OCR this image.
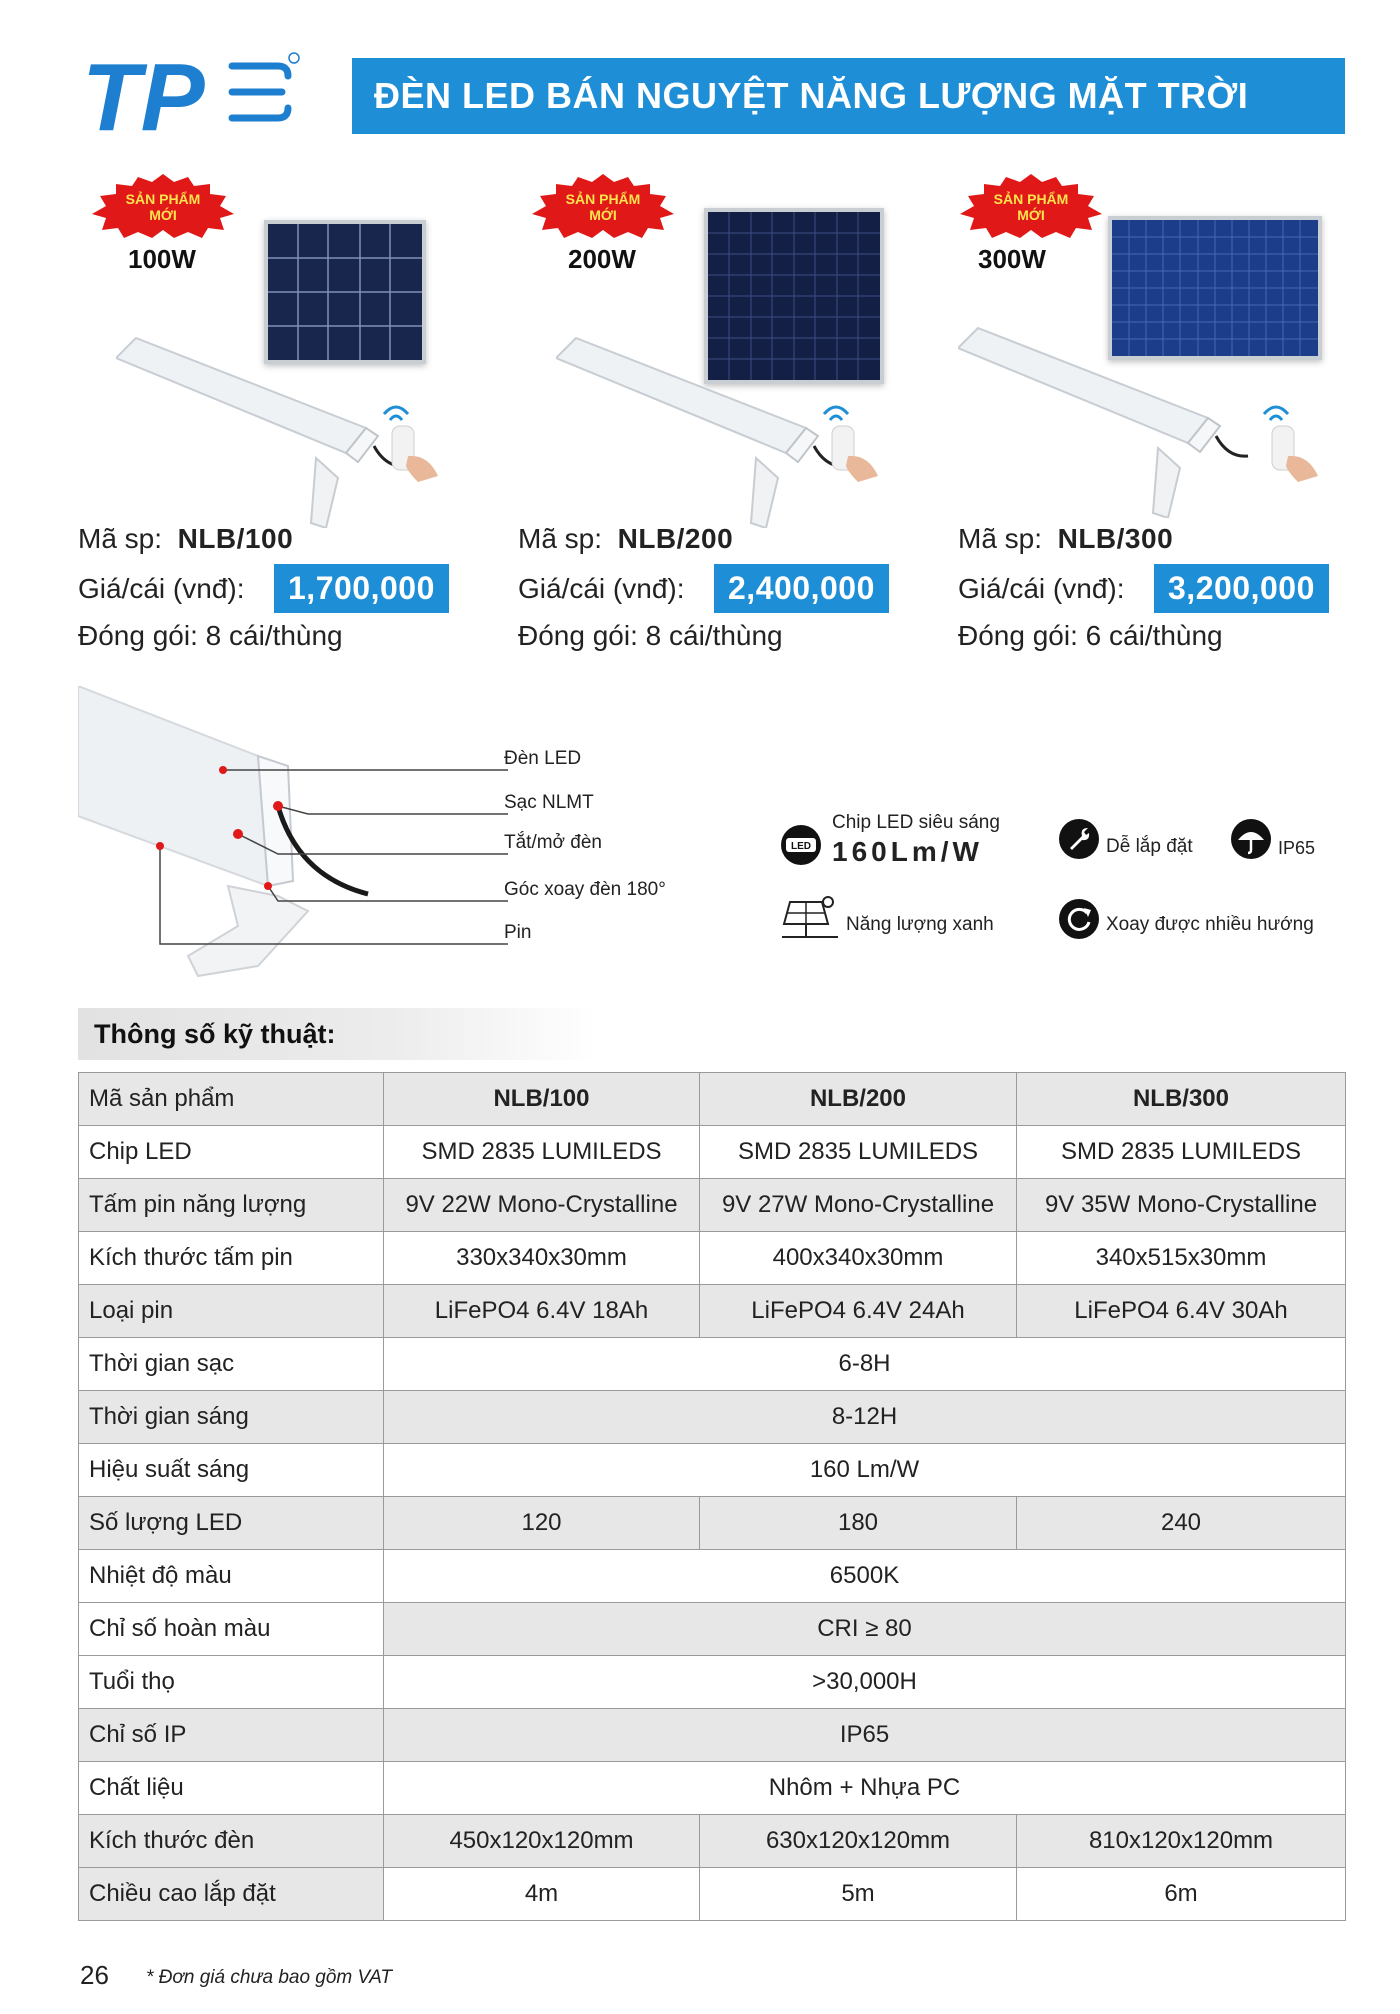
TP	ĐÈN LED BÁN NGUYỆT NĂNG LƯỢNG MẶT TRỜI
SẢN PHẨM
MỚI
100W
Mã sp: NLB/100
Giá/cái (vnđ):	1,700,000
Đóng gói: 8 cái/thùng
SẢN PHẨM
MỚI
200W
Mã sp: NLB/200
Giá/cái (vnđ):	2,400,000
Đóng gói: 8 cái/thùng
SẢN PHẨM
MỚI
300W
Mã sp: NLB/300
Giá/cái (vnđ):	3,200,000
Đóng gói: 6 cái/thùng
Đèn LED
Sạc NLMT
Tắt/mở đèn
Góc xoay đèn 180°
Pin
LED
Chip LED siêu sáng
160Lm/W	Dễ lắp đặt	IP65
Năng lượng xanh	Xoay được nhiều hướng
Thông số kỹ thuật:
Mã sản phẩm	NLB/100	NLB/200	NLB/300
Chip LED	SMD 2835 LUMILEDS	SMD 2835 LUMILEDS	SMD 2835 LUMILEDS
Tấm pin năng lượng	9V 22W Mono-Crystalline	9V 27W Mono-Crystalline	9V 35W Mono-Crystalline
Kích thước tấm pin	330x340x30mm	400x340x30mm	340x515x30mm
Loại pin	LiFePO4 6.4V 18Ah	LiFePO4 6.4V 24Ah	LiFePO4 6.4V 30Ah
Thời gian sạc	6-8H		
Thời gian sáng	8-12H		
Hiệu suất sáng	160 Lm/W		
Số lượng LED	120	180	240
Nhiệt độ màu	6500K		
Chỉ số hoàn màu	CRI ≥ 80		
Tuổi thọ	>30,000H		
Chỉ số IP	IP65		
Chất liệu	Nhôm + Nhựa PC		
Kích thước đèn	450x120x120mm	630x120x120mm	810x120x120mm
Chiều cao lắp đặt	4m	5m	6m
26 * Đơn giá chưa bao gồm VAT
